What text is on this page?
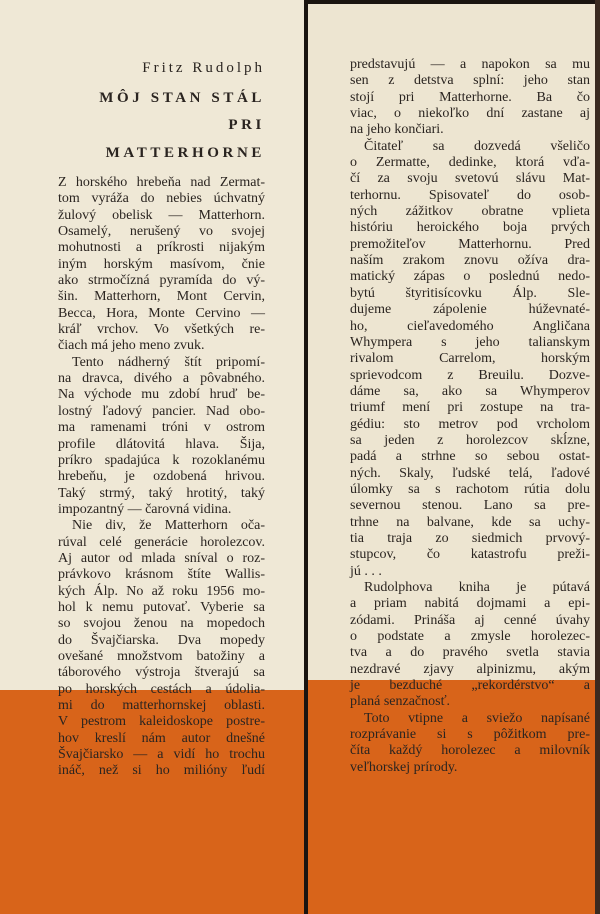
Fritz Rudolph
MÔJ STAN STÁL
PRI
MATTERHORNE
Z horského hrebeňa nad Zermat-
tom vyráža do nebies úchvatný
žulový obelisk — Matterhorn.
Osamelý, nerušený vo svojej
mohutnosti a príkrosti nijakým
iným horským masívom, čnie
ako strmočízná pyramída do vý-
šin. Matterhorn, Mont Cervin,
Becca, Hora, Monte Cervino —
kráľ vrchov. Vo všetkých re-
čiach má jeho meno zvuk.
Tento nádherný štít pripomí-
na dravca, divého a pôvabného.
Na východe mu zdobí hruď be-
lostný ľadový pancier. Nad obo-
ma ramenami tróni v ostrom
profile dlátovitá hlava. Šija,
príkro spadajúca k rozoklanému
hrebeňu, je ozdobená hrivou.
Taký strmý, taký hrotitý, taký
impozantný — čarovná vidina.
Nie div, že Matterhorn oča-
rúval celé generácie horolezcov.
Aj autor od mlada sníval o roz-
právkovo krásnom štíte Wallis-
kých Álp. No až roku 1956 mo-
hol k nemu putovať. Vyberie sa
so svojou ženou na mopedoch
do Švajčiarska. Dva mopedy
ovešané množstvom batožiny a
táborového výstroja štverajú sa
po horských cestách a údolia-
mi do matterhornskej oblasti.
V pestrom kaleidoskope postre-
hov kreslí nám autor dnešné
Švajčiarsko — a vidí ho trochu
ináč, než si ho milióny ľudí
predstavujú — a napokon sa mu
sen z detstva splní: jeho stan
stojí pri Matterhorne. Ba čo
viac, o niekoľko dní zastane aj
na jeho končiari.
Čitateľ sa dozvedá všeličo
o Zermatte, dedinke, ktorá vďa-
čí za svoju svetovú slávu Mat-
terhornu. Spisovateľ do osob-
ných zážitkov obratne vplieta
históriu heroického boja prvých
premožiteľov Matterhornu. Pred
naším zrakom znovu ožíva dra-
matický zápas o poslednú nedo-
bytú štyritisícovku Álp. Sle-
dujeme zápolenie húževnaté-
ho, cieľavedomého Angličana
Whympera s jeho talianskym
rivalom Carrelom, horským
sprievodcom z Breuilu. Dozve-
dáme sa, ako sa Whymperov
triumf mení pri zostupe na tra-
gédiu: sto metrov pod vrcholom
sa jeden z horolezcov skĺzne,
padá a strhne so sebou ostat-
ných. Skaly, ľudské telá, ľadové
úlomky sa s rachotom rútia dolu
severnou stenou. Lano sa pre-
trhne na balvane, kde sa uchy-
tia traja zo siedmich prvový-
stupcov, čo katastrofu preži-
jú . . .
Rudolphova kniha je pútavá
a priam nabitá dojmami a epi-
zódami. Prináša aj cenné úvahy
o podstate a zmysle horolezec-
tva a do pravého svetla stavia
nezdravé zjavy alpinizmu, akým
je bezduché „rekordérstvo“ a
planá senzačnosť.
Toto vtipne a sviežo napísané
rozprávanie si s pôžitkom pre-
číta každý horolezec a milovník
veľhorskej prírody.
